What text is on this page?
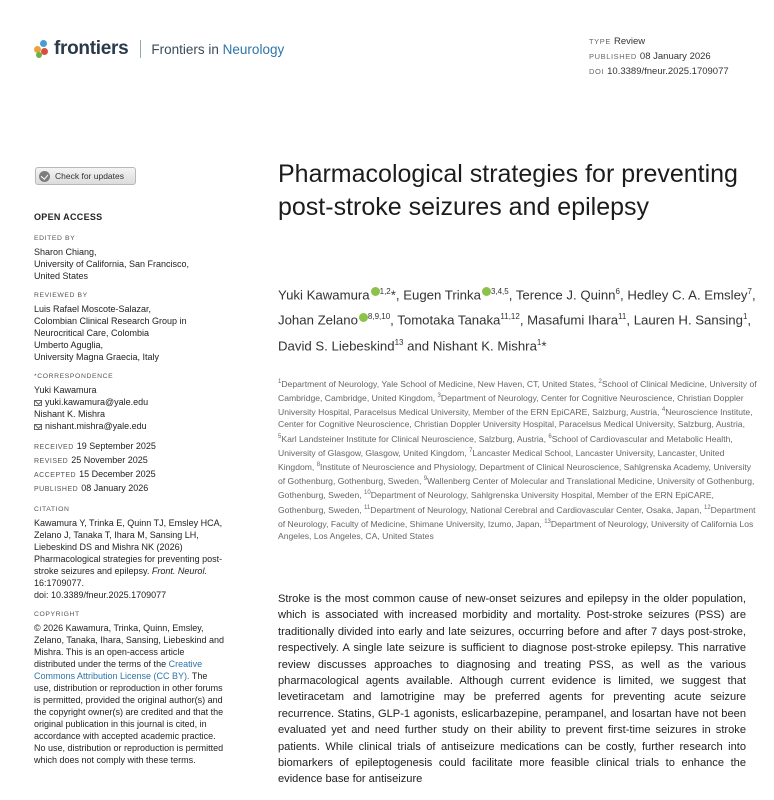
frontiers Frontiers in Neurology	TYPE Review
PUBLISHED 08 January 2026
DOI 10.3389/fneur.2025.1709077
Check for updates
OPEN ACCESS
EDITED BY
Sharon Chiang,
University of California, San Francisco,
United States
REVIEWED BY
Luis Rafael Moscote-Salazar,
Colombian Clinical Research Group in
Neurocritical Care, Colombia
Umberto Aguglia,
University Magna Graecia, Italy
*CORRESPONDENCE
Yuki Kawamura
yuki.kawamura@yale.edu
Nishant K. Mishra
nishant.mishra@yale.edu
RECEIVED 19 September 2025
REVISED 25 November 2025
ACCEPTED 15 December 2025
PUBLISHED 08 January 2026
CITATION
Kawamura Y, Trinka E, Quinn TJ, Emsley HCA, Zelano J, Tanaka T, Ihara M, Sansing LH, Liebeskind DS and Mishra NK (2026) Pharmacological strategies for preventing post-stroke seizures and epilepsy. Front. Neurol. 16:1709077.
doi: 10.3389/fneur.2025.1709077
COPYRIGHT
© 2026 Kawamura, Trinka, Quinn, Emsley, Zelano, Tanaka, Ihara, Sansing, Liebeskind and Mishra. This is an open-access article distributed under the terms of the Creative Commons Attribution License (CC BY). The use, distribution or reproduction in other forums is permitted, provided the original author(s) and the copyright owner(s) are credited and that the original publication in this journal is cited, in accordance with accepted academic practice. No use, distribution or reproduction is permitted which does not comply with these terms.
Pharmacological strategies for preventing post-stroke seizures and epilepsy
Yuki Kawamura $^{1,2}$*, Eugen Trinka $^{3,4,5}$, Terence J. Quinn$^6$, Hedley C. A. Emsley$^7$, Johan Zelano $^{8,9,10}$, Tomotaka Tanaka$^{11,12}$, Masafumi Ihara$^{11}$, Lauren H. Sansing$^1$, David S. Liebeskind$^{13}$ and Nishant K. Mishra$^1$*
$^1$Department of Neurology, Yale School of Medicine, New Haven, CT, United States, $^2$School of Clinical Medicine, University of Cambridge, Cambridge, United Kingdom, $^3$Department of Neurology, Center for Cognitive Neuroscience, Christian Doppler University Hospital, Paracelsus Medical University, Member of the ERN EpiCARE, Salzburg, Austria, $^4$Neuroscience Institute, Center for Cognitive Neuroscience, Christian Doppler University Hospital, Paracelsus Medical University, Salzburg, Austria, $^5$Karl Landsteiner Institute for Clinical Neuroscience, Salzburg, Austria, $^6$School of Cardiovascular and Metabolic Health, University of Glasgow, Glasgow, United Kingdom, $^7$Lancaster Medical School, Lancaster University, Lancaster, United Kingdom, $^8$Institute of Neuroscience and Physiology, Department of Clinical Neuroscience, Sahlgrenska Academy, University of Gothenburg, Gothenburg, Sweden, $^9$Wallenberg Center of Molecular and Translational Medicine, University of Gothenburg, Gothenburg, Sweden, $^{10}$Department of Neurology, Sahlgrenska University Hospital, Member of the ERN EpiCARE, Gothenburg, Sweden, $^{11}$Department of Neurology, National Cerebral and Cardiovascular Center, Osaka, Japan, $^{12}$Department of Neurology, Faculty of Medicine, Shimane University, Izumo, Japan, $^{13}$Department of Neurology, University of California Los Angeles, Los Angeles, CA, United States
Stroke is the most common cause of new-onset seizures and epilepsy in the older population, which is associated with increased morbidity and mortality. Post-stroke seizures (PSS) are traditionally divided into early and late seizures, occurring before and after 7 days post-stroke, respectively. A single late seizure is sufficient to diagnose post-stroke epilepsy. This narrative review discusses approaches to diagnosing and treating PSS, as well as the various pharmacological agents available. Although current evidence is limited, we suggest that levetiracetam and lamotrigine may be preferred agents for preventing acute seizure recurrence. Statins, GLP-1 agonists, eslicarbazepine, perampanel, and losartan have not been evaluated yet and need further study on their ability to prevent first-time seizures in stroke patients. While clinical trials of antiseizure medications can be costly, further research into biomarkers of epileptogenesis could facilitate more feasible clinical trials to enhance the evidence base for antiseizure
